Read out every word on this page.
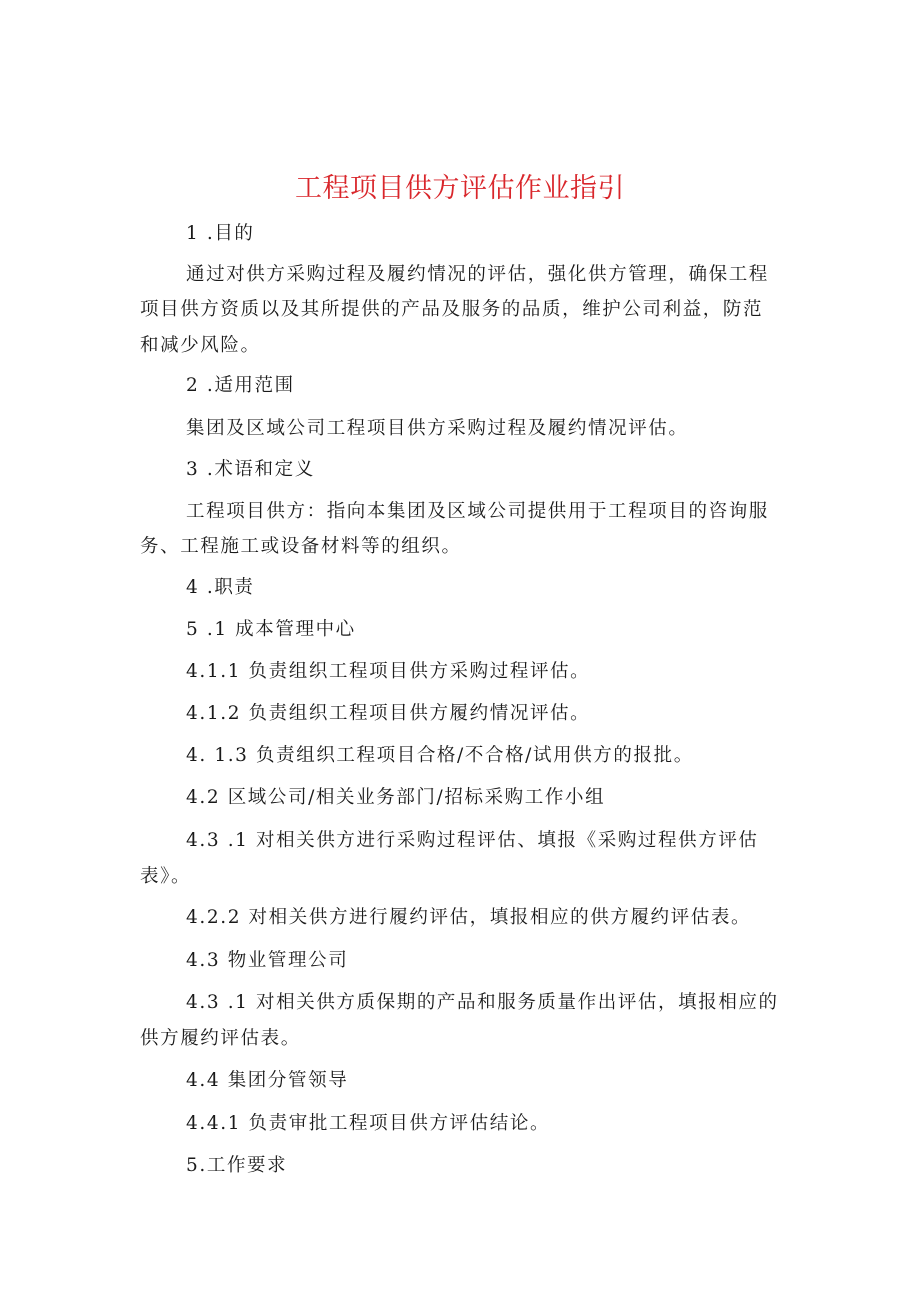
工程项目供方评估作业指引
1 .目的
通过对供方采购过程及履约情况的评估，强化供方管理，确保工程
项目供方资质以及其所提供的产品及服务的品质，维护公司利益，防范
和减少风险。
2 .适用范围
集团及区域公司工程项目供方采购过程及履约情况评估。
3 .术语和定义
工程项目供方：指向本集团及区域公司提供用于工程项目的咨询服
务、工程施工或设备材料等的组织。
4 .职责
5 .1 成本管理中心
4.1.1 负责组织工程项目供方采购过程评估。
4.1.2 负责组织工程项目供方履约情况评估。
4. 1.3 负责组织工程项目合格/不合格/试用供方的报批。
4.2 区域公司/相关业务部门/招标采购工作小组
4.3 .1 对相关供方进行采购过程评估、填报《采购过程供方评估
表》。
4.2.2 对相关供方进行履约评估，填报相应的供方履约评估表。
4.3 物业管理公司
4.3 .1 对相关供方质保期的产品和服务质量作出评估，填报相应的
供方履约评估表。
4.4 集团分管领导
4.4.1 负责审批工程项目供方评估结论。
5.工作要求
